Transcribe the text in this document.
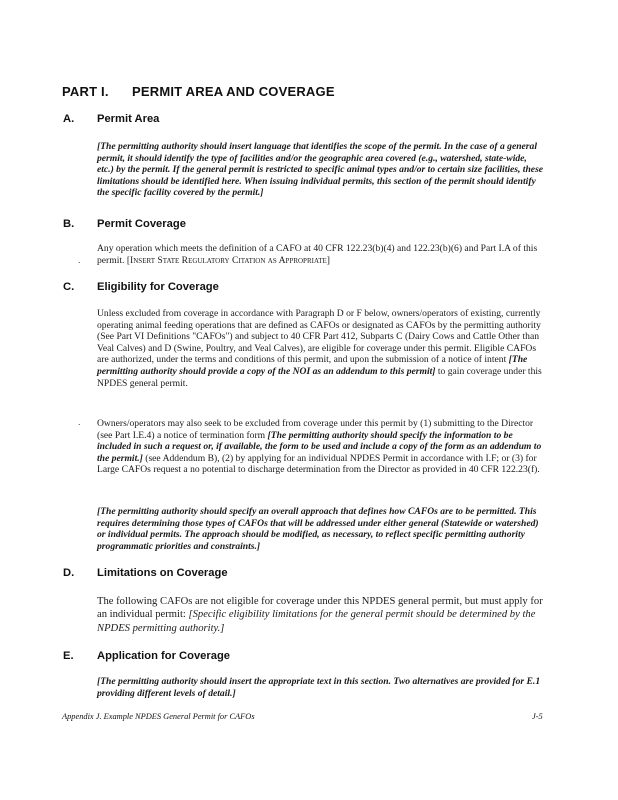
PART I. PERMIT AREA AND COVERAGE
A. Permit Area
[The permitting authority should insert language that identifies the scope of the permit. In the case of a general permit, it should identify the type of facilities and/or the geographic area covered (e.g., watershed, state-wide, etc.) by the permit. If the general permit is restricted to specific animal types and/or to certain size facilities, these limitations should be identified here. When issuing individual permits, this section of the permit should identify the specific facility covered by the permit.]
B. Permit Coverage
Any operation which meets the definition of a CAFO at 40 CFR 122.23(b)(4) and 122.23(b)(6) and Part I.A of this permit. [Insert State Regulatory Citation as Appropriate]
.
C. Eligibility for Coverage
Unless excluded from coverage in accordance with Paragraph D or F below, owners/operators of existing, currently operating animal feeding operations that are defined as CAFOs or designated as CAFOs by the permitting authority (See Part VI Definitions "CAFOs") and subject to 40 CFR Part 412, Subparts C (Dairy Cows and Cattle Other than Veal Calves) and D (Swine, Poultry, and Veal Calves), are eligible for coverage under this permit. Eligible CAFOs are authorized, under the terms and conditions of this permit, and upon the submission of a notice of intent [The permitting authority should provide a copy of the NOI as an addendum to this permit] to gain coverage under this NPDES general permit.
Owners/operators may also seek to be excluded from coverage under this permit by (1) submitting to the Director (see Part I.E.4) a notice of termination form [The permitting authority should specify the information to be included in such a request or, if available, the form to be used and include a copy of the form as an addendum to the permit.] (see Addendum B), (2) by applying for an individual NPDES Permit in accordance with I.F; or (3) for Large CAFOs request a no potential to discharge determination from the Director as provided in 40 CFR 122.23(f).
.
[The permitting authority should specify an overall approach that defines how CAFOs are to be permitted. This requires determining those types of CAFOs that will be addressed under either general (Statewide or watershed) or individual permits. The approach should be modified, as necessary, to reflect specific permitting authority programmatic priorities and constraints.]
D. Limitations on Coverage
The following CAFOs are not eligible for coverage under this NPDES general permit, but must apply for an individual permit: [Specific eligibility limitations for the general permit should be determined by the NPDES permitting authority.]
E. Application for Coverage
[The permitting authority should insert the appropriate text in this section. Two alternatives are provided for E.1 providing different levels of detail.]
Appendix J. Example NPDES General Permit for CAFOs	J-5
